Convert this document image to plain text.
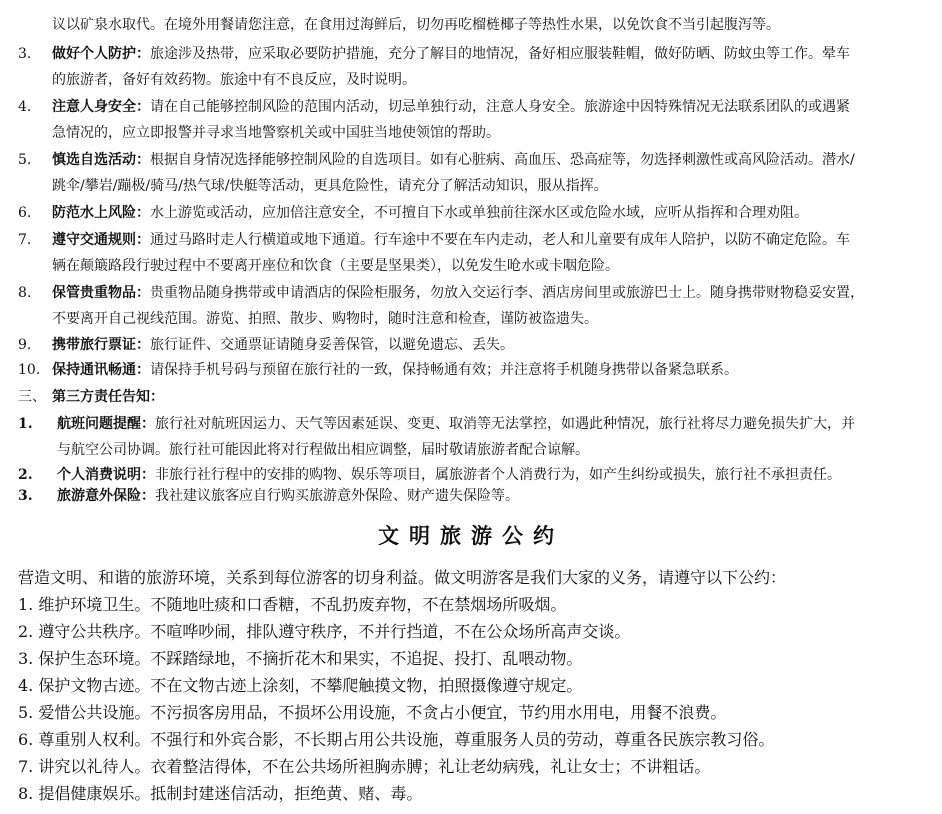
议以矿泉水取代。在境外用餐请您注意，在食用过海鲜后，切勿再吃榴梿椰子等热性水果，以免饮食不当引起腹泻等。
3. 做好个人防护：旅途涉及热带，应采取必要防护措施，充分了解目的地情况，备好相应服装鞋帽，做好防晒、防蚊虫等工作。晕车
的旅游者，备好有效药物。旅途中有不良反应，及时说明。
4. 注意人身安全：请在自己能够控制风险的范围内活动，切忌单独行动，注意人身安全。旅游途中因特殊情况无法联系团队的或遇紧
急情况的，应立即报警并寻求当地警察机关或中国驻当地使领馆的帮助。
5. 慎选自选活动：根据自身情况选择能够控制风险的自选项目。如有心脏病、高血压、恐高症等，勿选择刺激性或高风险活动。潜水/
跳伞/攀岩/蹦极/骑马/热气球/快艇等活动，更具危险性，请充分了解活动知识，服从指挥。
6. 防范水上风险：水上游览或活动，应加倍注意安全，不可擅自下水或单独前往深水区或危险水域，应听从指挥和合理劝阻。
7. 遵守交通规则：通过马路时走人行横道或地下通道。行车途中不要在车内走动，老人和儿童要有成年人陪护，以防不确定危险。车
辆在颠簸路段行驶过程中不要离开座位和饮食（主要是坚果类），以免发生呛水或卡咽危险。
8. 保管贵重物品：贵重物品随身携带或申请酒店的保险柜服务，勿放入交运行李、酒店房间里或旅游巴士上。随身携带财物稳妥安置，
不要离开自己视线范围。游览、拍照、散步、购物时，随时注意和检查，谨防被盗遗失。
9. 携带旅行票证：旅行证件、交通票证请随身妥善保管，以避免遗忘、丢失。
10. 保持通讯畅通：请保持手机号码与预留在旅行社的一致，保持畅通有效；并注意将手机随身携带以备紧急联系。
三、 第三方责任告知：
1. 航班问题提醒：旅行社对航班因运力、天气等因素延误、变更、取消等无法掌控，如遇此种情况，旅行社将尽力避免损失扩大，并
与航空公司协调。旅行社可能因此将对行程做出相应调整，届时敬请旅游者配合谅解。
2. 个人消费说明：非旅行社行程中的安排的购物、娱乐等项目，属旅游者个人消费行为，如产生纠纷或损失，旅行社不承担责任。
3. 旅游意外保险：我社建议旅客应自行购买旅游意外保险、财产遗失保险等。
文明旅游公约
营造文明、和谐的旅游环境，关系到每位游客的切身利益。做文明游客是我们大家的义务，请遵守以下公约：
1. 维护环境卫生。不随地吐痰和口香糖，不乱扔废弃物，不在禁烟场所吸烟。
2. 遵守公共秩序。不喧哗吵闹，排队遵守秩序，不并行挡道，不在公众场所高声交谈。
3. 保护生态环境。不踩踏绿地，不摘折花木和果实，不追捉、投打、乱喂动物。
4. 保护文物古迹。不在文物古迹上涂刻，不攀爬触摸文物，拍照摄像遵守规定。
5. 爱惜公共设施。不污损客房用品，不损坏公用设施，不贪占小便宜，节约用水用电，用餐不浪费。
6. 尊重别人权利。不强行和外宾合影，不长期占用公共设施，尊重服务人员的劳动，尊重各民族宗教习俗。
7. 讲究以礼待人。衣着整洁得体，不在公共场所袒胸赤膊；礼让老幼病残，礼让女士；不讲粗话。
8. 提倡健康娱乐。抵制封建迷信活动，拒绝黄、赌、毒。
